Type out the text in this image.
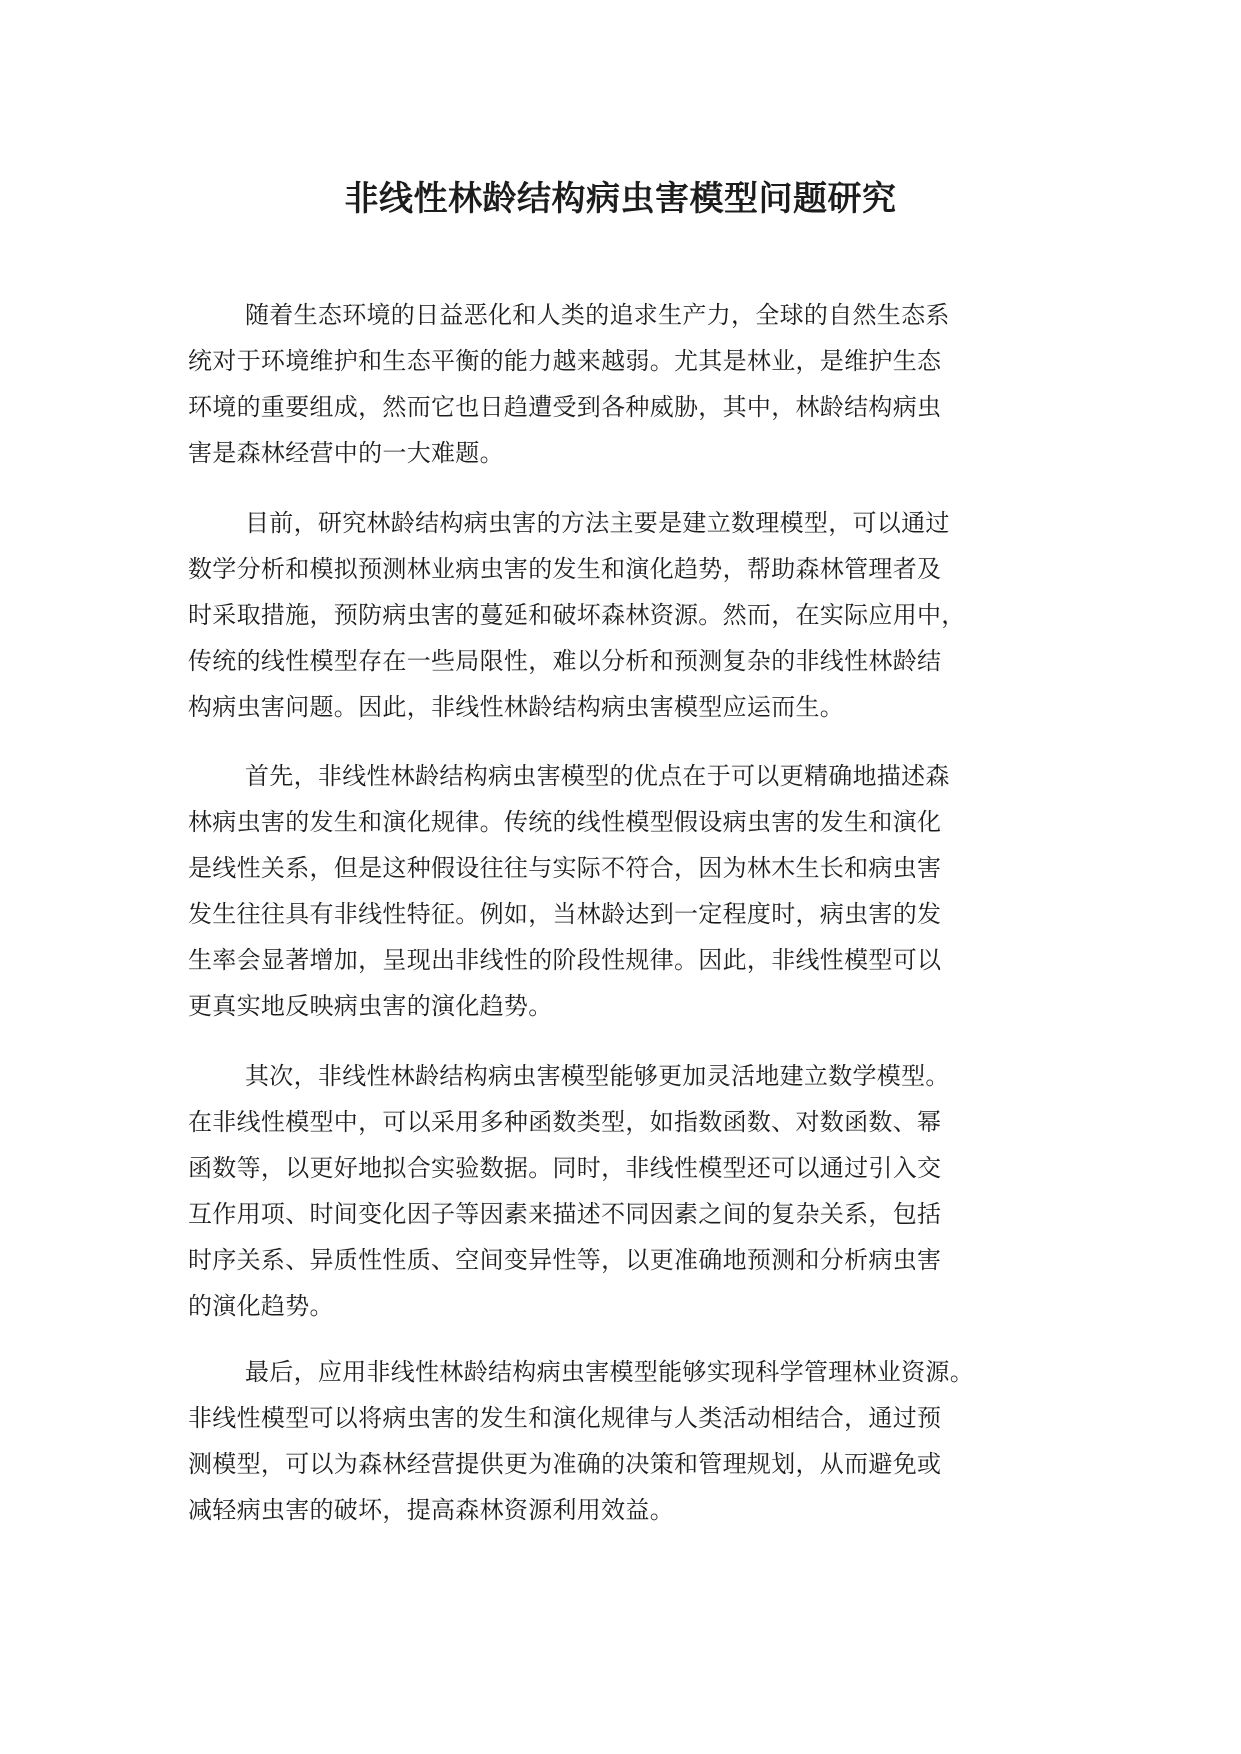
非线性林龄结构病虫害模型问题研究

随着生态环境的日益恶化和人类的追求生产力，全球的自然生态系
统对于环境维护和生态平衡的能力越来越弱。尤其是林业，是维护生态
环境的重要组成，然而它也日趋遭受到各种威胁，其中，林龄结构病虫
害是森林经营中的一大难题。

目前，研究林龄结构病虫害的方法主要是建立数理模型，可以通过
数学分析和模拟预测林业病虫害的发生和演化趋势，帮助森林管理者及
时采取措施，预防病虫害的蔓延和破坏森林资源。然而，在实际应用中，
传统的线性模型存在一些局限性，难以分析和预测复杂的非线性林龄结
构病虫害问题。因此，非线性林龄结构病虫害模型应运而生。

首先，非线性林龄结构病虫害模型的优点在于可以更精确地描述森
林病虫害的发生和演化规律。传统的线性模型假设病虫害的发生和演化
是线性关系，但是这种假设往往与实际不符合，因为林木生长和病虫害
发生往往具有非线性特征。例如，当林龄达到一定程度时，病虫害的发
生率会显著增加，呈现出非线性的阶段性规律。因此，非线性模型可以
更真实地反映病虫害的演化趋势。

其次，非线性林龄结构病虫害模型能够更加灵活地建立数学模型。
在非线性模型中，可以采用多种函数类型，如指数函数、对数函数、幂
函数等，以更好地拟合实验数据。同时，非线性模型还可以通过引入交
互作用项、时间变化因子等因素来描述不同因素之间的复杂关系，包括
时序关系、异质性性质、空间变异性等，以更准确地预测和分析病虫害
的演化趋势。

最后，应用非线性林龄结构病虫害模型能够实现科学管理林业资源。
非线性模型可以将病虫害的发生和演化规律与人类活动相结合，通过预
测模型，可以为森林经营提供更为准确的决策和管理规划，从而避免或
减轻病虫害的破坏，提高森林资源利用效益。
